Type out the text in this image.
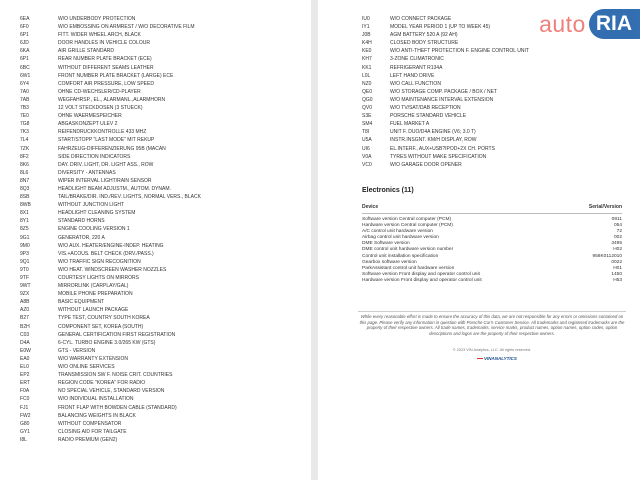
6EA	W/O UNDERBODY PROTECTION
6F0	W/O EMBOSSING ON ARMREST / W/O DECORATIVE FILM
6P1	FITT. WIDER WHEEL ARCH, BLACK
6JD	DOOR HANDLES IN VEHICLE COLOUR
6KA	AIR GRILLE STANDARD
6P1	REAR NUMBER PLATE BRACKET (ECE)
6BC	WITHOUT DIFFERENT SEAMS LEATHER
6W1	FRONT NUMBER PLATE BRACKET (LARGE) ECE
6Y4	COMFORT AIR PRESSURE, LOW SPEED
7A0	OHNE CD-WECHSLER/CD-PLAYER
7AB	WEGFAHRSP., EL., ALARMANL.,ALARMHORN
7B3	12 VOLT STECKDOSEN (3 STUECK)
7E0	OHNE WAERMESPEICHER
7G8	ABGASKONZEPT ULEV 2
7K3	REIFENDRUCKKONTROLLE 433 MHZ
7L4	START/STOPP "LAST MODE" MIT REKUP
7ZK	FAHRZEUG-DIFFERENZIERUNG 95B (MACAN
8F2	SIDE DIRECTION INDICATORS
8K6	DAY. DRIV. LIGHT, DR. LIGHT ASS., ROW
8L6	DIVERSITY - ANTENNAS
8N7	WIPER INTERVAL LIGHT/RAIN SENSOR
8Q3	HEADLIGHT BEAM ADJUSTM., AUTOM. DYNAM.
8SB	TAIL/BRAKE/DIR. IND./REV. LIGHTS, NORMAL VERS., BLACK
8WB	WITHOUT JUNCTION LIGHT
8X1	HEADLIGHT CLEANING SYSTEM
8Y1	STANDARD HORNS
8Z5	ENGINE COOLING VERSION 1
9G1	GENERATOR, 220 A
9M0	W/O AUX. HEATER/ENGINE-INDEP. HEATING
9P3	VIS.+ACOUS. BELT CHECK (DRV./PASS.)
9Q1	W/O TRAFFIC SIGN RECOGNITION
9T0	W/O HEAT. WINDSCREEN WASHER NOZZLES
9TF	COURTESY LIGHTS ON MIRRORS
9WT	MIRRORLINK (CARPLAY/GAL)
9ZX	MOBILE PHONE PREPARATION
A8B	BASIC EQUIPMENT
AZ0	WITHOUT LAUNCH PACKAGE
B27	TYPE TEST, COUNTRY SOUTH KOREA
B2H	COMPONENT SET, KOREA (SOUTH)
C03	GENERAL CERTIFICATION FIRST REGISTRATION
D4A	6-CYL. TURBO ENGINE 3.0/265 KW (GTS)
E0W	GTS - VERSION
EA0	W/O WARRANTY EXTENSION
EL0	W/O ONLINE SERVICES
EP2	TRANSMISSION SW F. NOISE CRIT. COUNTRIES
ERT	REGION CODE "KOREA" FOR RADIO
F0A	NO SPECIAL VEHICLE, STANDARD VERSION
FC0	W/O INDIVIDUAL INSTALLATION
FJ1	FRONT FLAP WITH BOWDEN CABLE (STANDARD)
FW2	BALANCING WEIGHTS IN BLACK
G80	WITHOUT COMPENSATOR
GY1	CLOSING AID FOR TAILGATE
I8L	RADIO PREMIUM (GEN2)
IU0	W/O CONNECT PACKAGE
IY1	MODEL YEAR PERIOD 1 (UP TO WEEK 45)
J0B	AGM BATTERY 520 A (92 AH)
K4H	CLOSED BODY STRUCTURE
KE0	W/O ANTI-THEFT PROTECTION F. ENGINE CONTROL UNIT
KH7	3-ZONE CLIMATRONIC
KK1	REFRIGERANT R134A
L0L	LEFT HAND DRIVE
NZ0	W/O CALL FUNCTION
QE0	W/O STORAGE COMP. PACKAGE / BOX / NET
QG0	W/O MAINTENANCE INTERVAL EXTENSION
QV0	W/O TV/SAT/DAB RECEPTION
S3E	PORSCHE STANDARD VEHICLE
SM4	FUEL MARKET A
T8I	UNIT F. DUO/D4A ENGINE (V6; 3.0 T)
U5A	INSTR.INSGNT. KM/H DISPLAY, ROW
UI6	EL.INTERF., AUX+USB?IPOD+2X CH. PORTS
V0A	TYRES WITHOUT MAKE SPECIFICATION
VC0	W/O GARAGE DOOR OPENER
Electronics (11)
Device	Serial/Version
Software version Central computer (PCM)	0811
Hardware version Central computer (PCM)	054
A/C control unit hardware version	72
Airbag control unit hardware version	002
DME Software version	3495
DME control unit hardware version number	H02
Control unit installation specification	958K0112010
Gearbox software version	0022
ParkAssistant control unit hardware version	H01
Software version Front display and operator control unit	1450
Hardware version Front display and operator control unit	H53

While every reasonable effort is made to ensure the accuracy of this data, we are not responsible for any errors or omissions contained on this page. Please verify any information in question with Porsche Car's Customer Service. All trademarks and registered trademarks are the property of their respective owners. All trade names, trademarks, service marks, product names, option names, option codes, option descriptions and logos are the property of their respective owners.

© 2023 VIN Analytics, LLC. All rights reserved.

VINANALYTICS
auto RIA
